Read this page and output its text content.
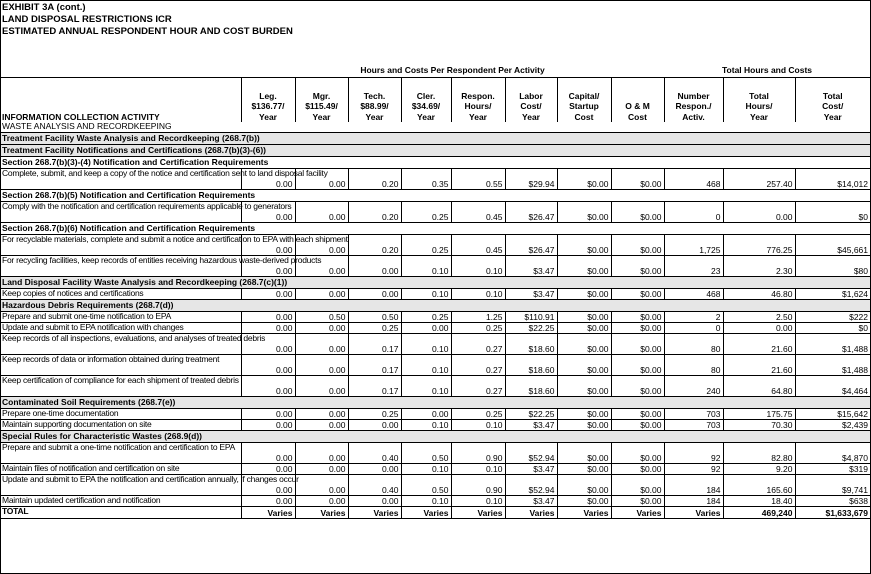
EXHIBIT 3A (cont.)
LAND DISPOSAL RESTRICTIONS ICR
ESTIMATED ANNUAL RESPONDENT HOUR AND COST BURDEN
	Hours and Costs Per Respondent Per Activity								Total Hours and Costs		
INFORMATION COLLECTION ACTIVITY	Leg.
$136.77/
Year	Mgr.
$115.49/
Year	Tech.
$88.99/
Year	Cler.
$34.69/
Year	Respon.
Hours/
Year	Labor
Cost/
Year	Capital/
Startup
Cost	O & M
Cost	Number
Respon./
Activ.	Total
Hours/
Year	Total
Cost/
Year
WASTE ANALYSIS AND RECORDKEEPING											
Treatment Facility Waste Analysis and Recordkeeping (268.7(b))											
Treatment Facility Notifications and Certifications (268.7(b)(3)-(6))											
Section 268.7(b)(3)-(4) Notification and Certification Requirements											
Complete, submit, and keep a copy of the notice and certification sent to land disposal facility	0.00	0.00	0.20	0.35	0.55	$29.94	$0.00	$0.00	468	257.40	$14,012
Section 268.7(b)(5) Notification and Certification Requirements											
Comply with the notification and certification requirements applicable to generators	0.00	0.00	0.20	0.25	0.45	$26.47	$0.00	$0.00	0	0.00	$0
Section 268.7(b)(6) Notification and Certification Requirements											
For recyclable materials, complete and submit a notice and certification to EPA with each shipment	0.00	0.00	0.20	0.25	0.45	$26.47	$0.00	$0.00	1,725	776.25	$45,661
For recycling facilities, keep records of entities receiving hazardous waste-derived products	0.00	0.00	0.00	0.10	0.10	$3.47	$0.00	$0.00	23	2.30	$80
Land Disposal Facility Waste Analysis and Recordkeeping (268.7(c)(1))											
Keep copies of notices and certifications	0.00	0.00	0.00	0.10	0.10	$3.47	$0.00	$0.00	468	46.80	$1,624
Hazardous Debris Requirements (268.7(d))											
Prepare and submit one-time notification to EPA	0.00	0.50	0.50	0.25	1.25	$110.91	$0.00	$0.00	2	2.50	$222
Update and submit to EPA notification with changes	0.00	0.00	0.25	0.00	0.25	$22.25	$0.00	$0.00	0	0.00	$0
Keep records of all inspections, evaluations, and analyses of treated debris	0.00	0.00	0.17	0.10	0.27	$18.60	$0.00	$0.00	80	21.60	$1,488
Keep records of data or information obtained during treatment	0.00	0.00	0.17	0.10	0.27	$18.60	$0.00	$0.00	80	21.60	$1,488
Keep certification of compliance for each shipment of treated debris	0.00	0.00	0.17	0.10	0.27	$18.60	$0.00	$0.00	240	64.80	$4,464
Contaminated Soil Requirements (268.7(e))											
Prepare one-time documentation	0.00	0.00	0.25	0.00	0.25	$22.25	$0.00	$0.00	703	175.75	$15,642
Maintain supporting documentation on site	0.00	0.00	0.00	0.10	0.10	$3.47	$0.00	$0.00	703	70.30	$2,439
Special Rules for Characteristic Wastes (268.9(d))											
Prepare and submit a one-time notification and certification to EPA	0.00	0.00	0.40	0.50	0.90	$52.94	$0.00	$0.00	92	82.80	$4,870
Maintain files of notification and certification on site	0.00	0.00	0.00	0.10	0.10	$3.47	$0.00	$0.00	92	9.20	$319
Update and submit to EPA the notification and certification annually, if changes occur	0.00	0.00	0.40	0.50	0.90	$52.94	$0.00	$0.00	184	165.60	$9,741
Maintain updated certification and notification	0.00	0.00	0.00	0.10	0.10	$3.47	$0.00	$0.00	184	18.40	$638
TOTAL	Varies	Varies	Varies	Varies	Varies	Varies	Varies	Varies	Varies	469,240	$1,633,679
